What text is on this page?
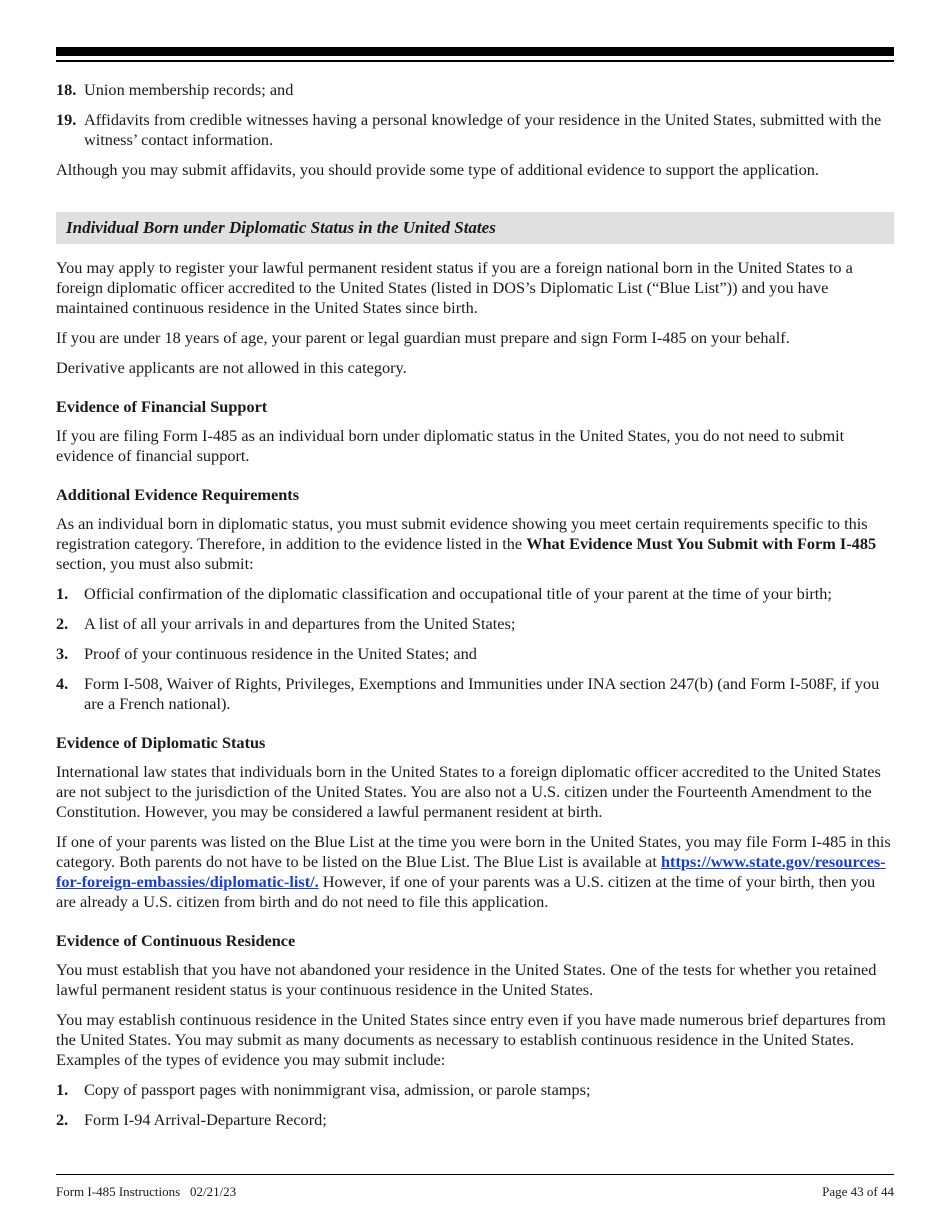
18. Union membership records; and
19. Affidavits from credible witnesses having a personal knowledge of your residence in the United States, submitted with the witness’ contact information.

Although you may submit affidavits, you should provide some type of additional evidence to support the application.

Individual Born under Diplomatic Status in the United States

You may apply to register your lawful permanent resident status if you are a foreign national born in the United States to a foreign diplomatic officer accredited to the United States (listed in DOS’s Diplomatic List (“Blue List”)) and you have maintained continuous residence in the United States since birth.

If you are under 18 years of age, your parent or legal guardian must prepare and sign Form I-485 on your behalf.

Derivative applicants are not allowed in this category.

Evidence of Financial Support

If you are filing Form I-485 as an individual born under diplomatic status in the United States, you do not need to submit evidence of financial support.

Additional Evidence Requirements

As an individual born in diplomatic status, you must submit evidence showing you meet certain requirements specific to this registration category. Therefore, in addition to the evidence listed in the What Evidence Must You Submit with Form I-485 section, you must also submit:

1. Official confirmation of the diplomatic classification and occupational title of your parent at the time of your birth;
2. A list of all your arrivals in and departures from the United States;
3. Proof of your continuous residence in the United States; and
4. Form I-508, Waiver of Rights, Privileges, Exemptions and Immunities under INA section 247(b) (and Form I-508F, if you are a French national).

Evidence of Diplomatic Status

International law states that individuals born in the United States to a foreign diplomatic officer accredited to the United States are not subject to the jurisdiction of the United States. You are also not a U.S. citizen under the Fourteenth Amendment to the Constitution. However, you may be considered a lawful permanent resident at birth.

If one of your parents was listed on the Blue List at the time you were born in the United States, you may file Form I-485 in this category. Both parents do not have to be listed on the Blue List. The Blue List is available at https://www.state.gov/resources-for-foreign-embassies/diplomatic-list/. However, if one of your parents was a U.S. citizen at the time of your birth, then you are already a U.S. citizen from birth and do not need to file this application.

Evidence of Continuous Residence

You must establish that you have not abandoned your residence in the United States. One of the tests for whether you retained lawful permanent resident status is your continuous residence in the United States.

You may establish continuous residence in the United States since entry even if you have made numerous brief departures from the United States. You may submit as many documents as necessary to establish continuous residence in the United States. Examples of the types of evidence you may submit include:

1. Copy of passport pages with nonimmigrant visa, admission, or parole stamps;
2. Form I-94 Arrival-Departure Record;
Form I-485 Instructions   02/21/23	Page 43 of 44
